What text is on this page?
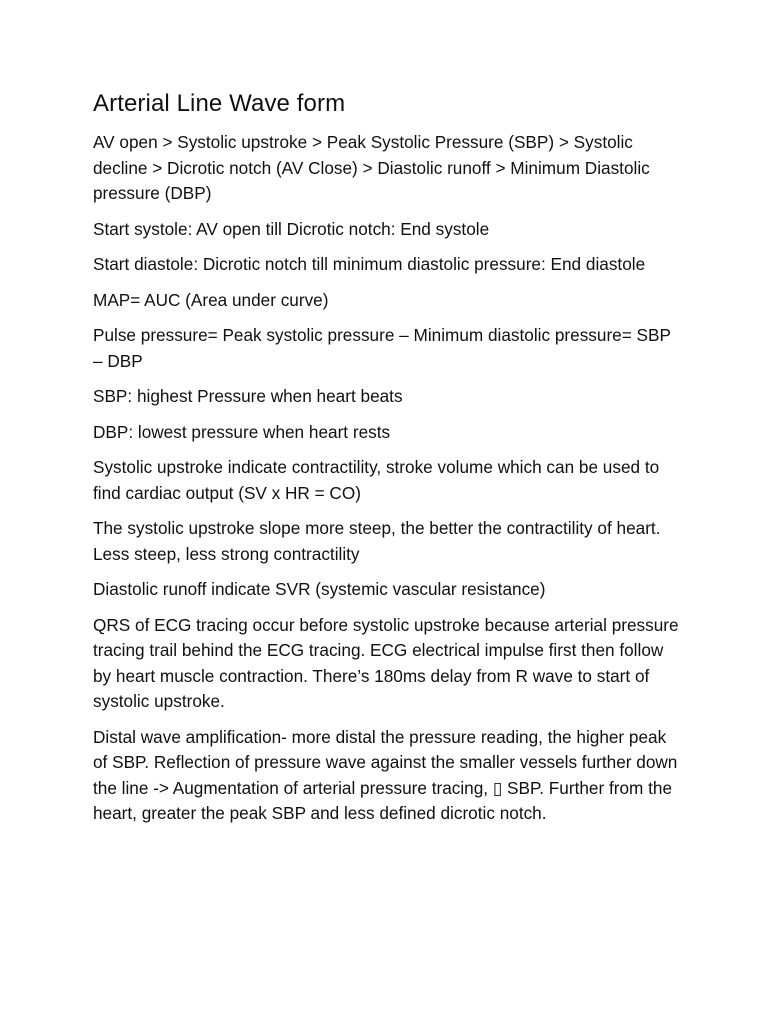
Arterial Line Wave form

AV open > Systolic upstroke > Peak Systolic Pressure (SBP) > Systolic decline > Dicrotic notch (AV Close) > Diastolic runoff > Minimum Diastolic pressure (DBP)

Start systole: AV open till Dicrotic notch: End systole

Start diastole: Dicrotic notch till minimum diastolic pressure: End diastole

MAP= AUC (Area under curve)

Pulse pressure= Peak systolic pressure – Minimum diastolic pressure= SBP – DBP

SBP: highest Pressure when heart beats

DBP: lowest pressure when heart rests

Systolic upstroke indicate contractility, stroke volume which can be used to find cardiac output (SV x HR = CO)

The systolic upstroke slope more steep, the better the contractility of heart. Less steep, less strong contractility

Diastolic runoff indicate SVR (systemic vascular resistance)

QRS of ECG tracing occur before systolic upstroke because arterial pressure tracing trail behind the ECG tracing. ECG electrical impulse first then follow by heart muscle contraction. There’s 180ms delay from R wave to start of systolic upstroke.

Distal wave amplification- more distal the pressure reading, the higher peak of SBP. Reflection of pressure wave against the smaller vessels further down the line -> Augmentation of arterial pressure tracing, ▯ SBP. Further from the heart, greater the peak SBP and less defined dicrotic notch.
